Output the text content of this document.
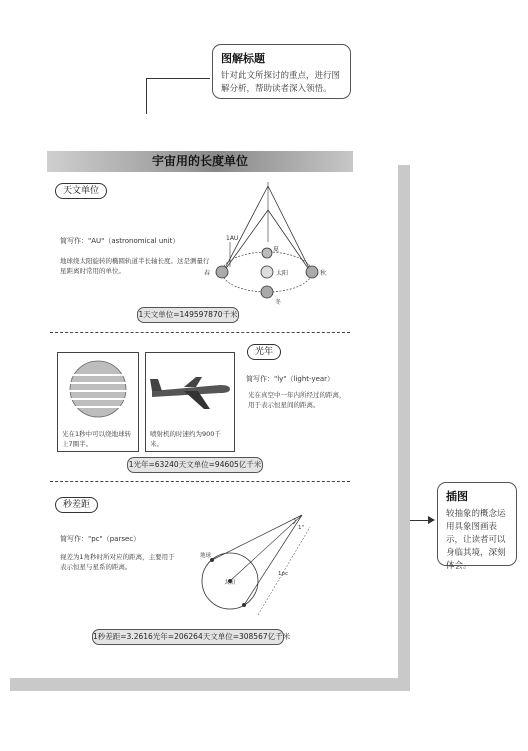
图解标题
针对此文所探讨的重点，进行图解分析，帮助读者深入领悟。
插图
较抽象的概念运用具象图画表示，让读者可以身临其境，深刻体会。
宇宙用的长度单位
天文单位
简写作："AU"（astronomical unit）
地球绕太阳旋转的椭圆轨道半长轴长度。这是测量行星距离时常用的单位。
1AU
太阳
春	秋
夏
冬
1天文单位=149597870千米
光在1秒中可以绕地球转上7圈半。
喷射机的时速约为900千米。
光年
简写作："ly"（light-year）
光在真空中一年内所经过的距离，用于表示恒星间的距离。
1光年=63240天文单位=94605亿千米
秒差距
简写作："pc"（parsec）
视差为1角秒时所对应的距离，主要用于表示恒星与星系的距离。
太阳
地球
1pc
1"
1秒差距=3.2616光年=206264天文单位=308567亿千米
